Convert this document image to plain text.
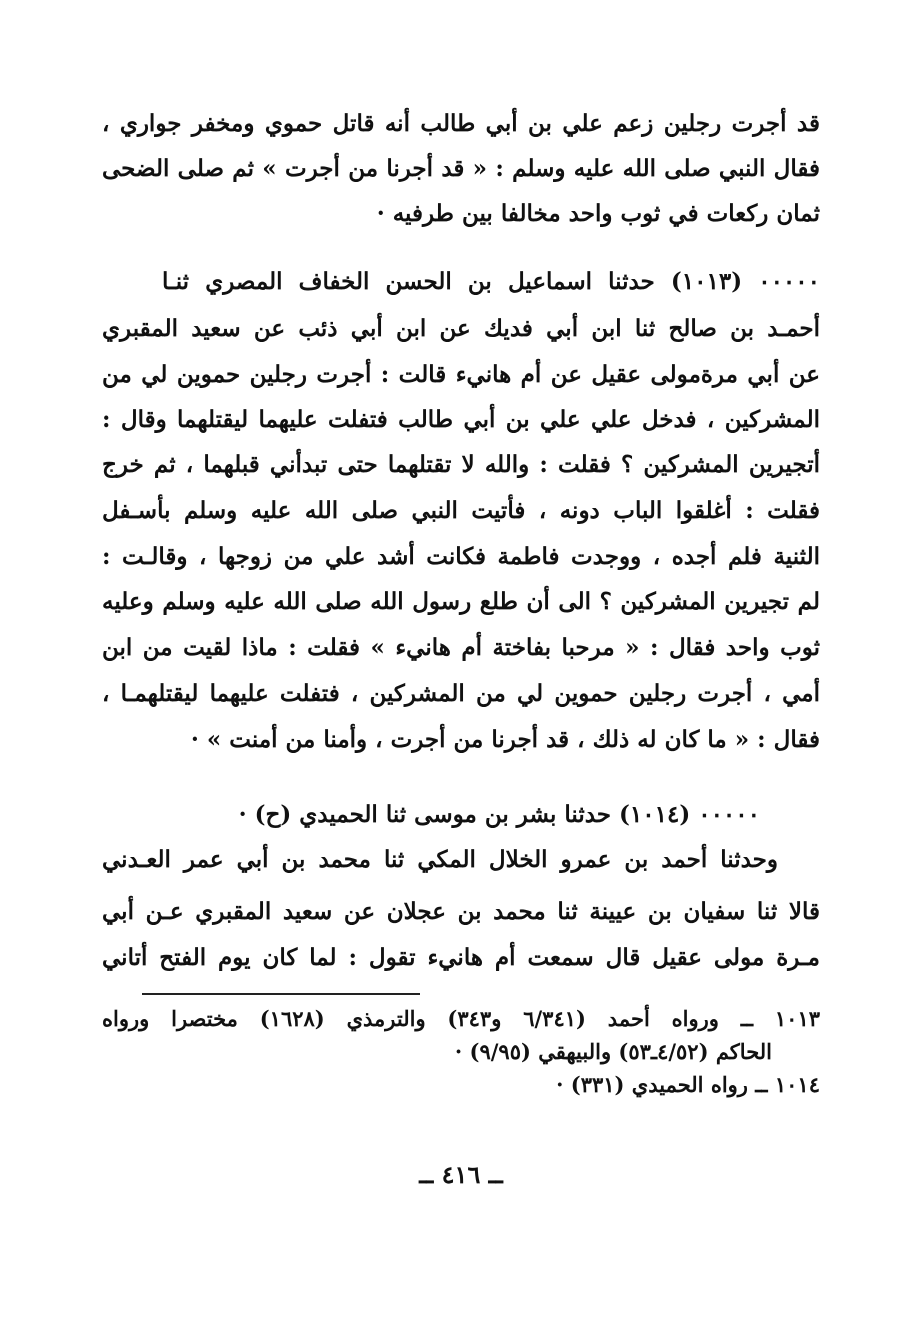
قد أجرت رجلين زعم علي بن أبي طالب أنه قاتل حموي ومخفر جواري ،
فقال النبي صلى الله عليه وسلم : « قد أجرنا من أجرت » ثم صلى الضحى
ثمان ركعات في ثوب واحد مخالفا بين طرفيه ·
٠٠٠٠٠ (١٠١٣) حدثنا اسماعيل بن الحسن الخفاف المصري ثنـا
أحمـد بن صالح ثنا ابن أبي فديك عن ابن أبي ذئب عن سعيد المقبري
عن أبي مرةمولى عقيل عن أم هانيء قالت : أجرت رجلين حموين لي من
المشركين ، فدخل علي علي بن أبي طالب فتفلت عليهما ليقتلهما وقال :
أتجيرين المشركين ؟ فقلت : والله لا تقتلهما حتى تبدأني قبلهما ، ثم خرج
فقلت : أغلقوا الباب دونه ، فأتيت النبي صلى الله عليه وسلم بأسـفل
الثنية فلم أجده ، ووجدت فاطمة فكانت أشد علي من زوجها ، وقالـت :
لم تجيرين المشركين ؟ الى أن طلع رسول الله صلى الله عليه وسلم وعليه
ثوب واحد فقال : « مرحبا بفاختة أم هانيء » فقلت : ماذا لقيت من ابن
أمي ، أجرت رجلين حموين لي من المشركين ، فتفلت عليهما ليقتلهمـا ،
فقال : « ما كان له ذلك ، قد أجرنا من أجرت ، وأمنا من أمنت » ·
٠٠٠٠٠ (١٠١٤) حدثنا بشر بن موسى ثنا الحميدي (ح) ·
وحدثنا أحمد بن عمرو الخلال المكي ثنا محمد بن أبي عمر العـدني
قالا ثنا سفيان بن عيينة ثنا محمد بن عجلان عن سعيد المقبري عـن أبي
مـرة مولى عقيل قال سمعت أم هانيء تقول : لما كان يوم الفتح أتاني
١٠١٣ ــ ورواه أحمد (٦/٣٤١ و٣٤٣) والترمذي (١٦٢٨) مختصرا ورواه
الحاكم (٤/٥٢ـ٥٣) والبيهقي (٩/٩٥) ·
١٠١٤ ــ رواه الحميدي (٣٣١) ·
ــ ٤١٦ ــ
